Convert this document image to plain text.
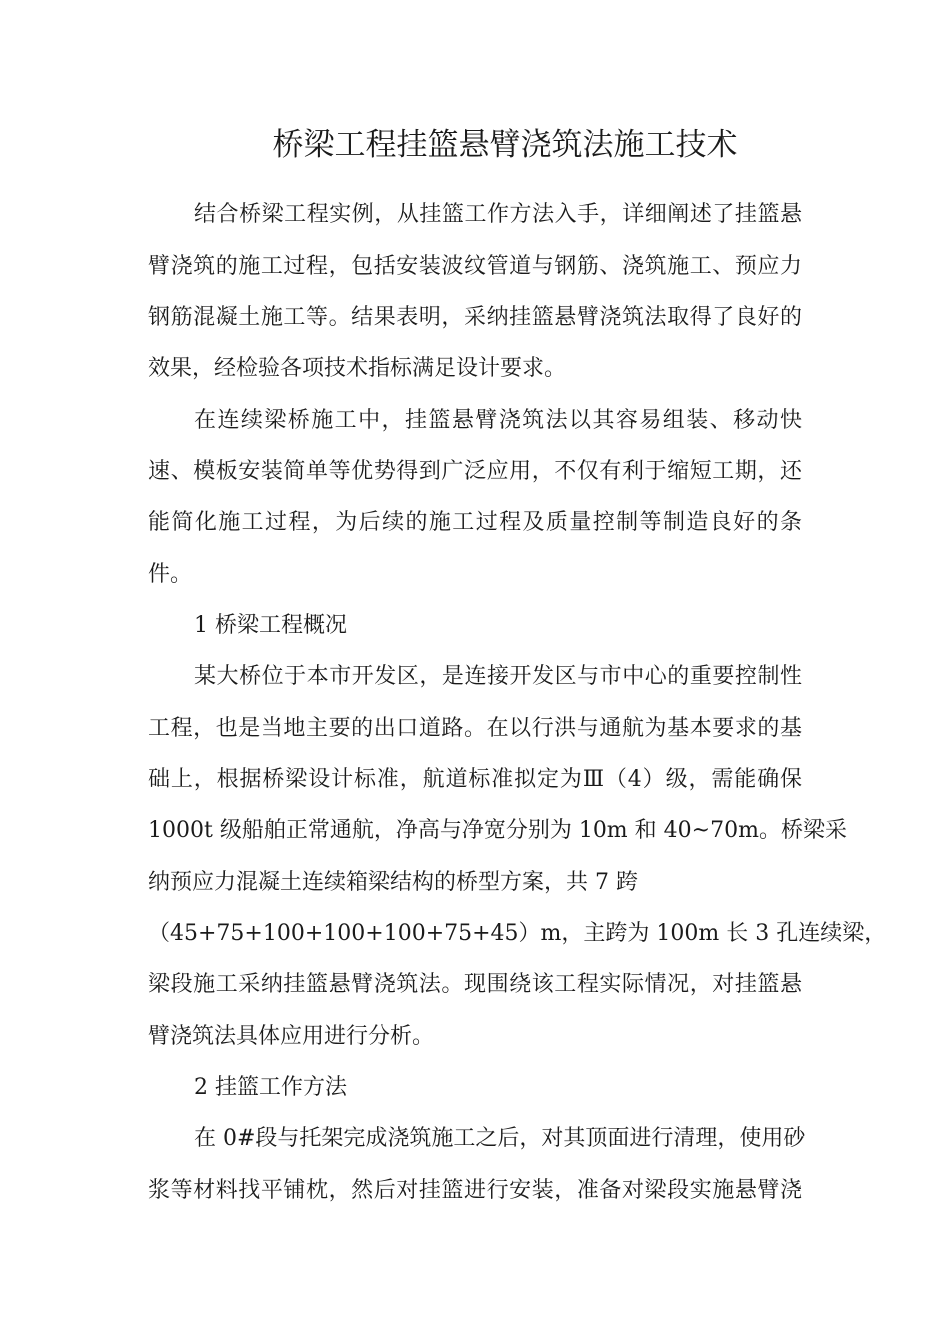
桥梁工程挂篮悬臂浇筑法施工技术
结合桥梁工程实例，从挂篮工作方法入手，详细阐述了挂篮悬
臂浇筑的施工过程，包括安装波纹管道与钢筋、浇筑施工、预应力
钢筋混凝土施工等。结果表明，采纳挂篮悬臂浇筑法取得了良好的
效果，经检验各项技术指标满足设计要求。
在连续梁桥施工中，挂篮悬臂浇筑法以其容易组装、移动快
速、模板安装简单等优势得到广泛应用，不仅有利于缩短工期，还
能简化施工过程，为后续的施工过程及质量控制等制造良好的条
件。
1 桥梁工程概况
某大桥位于本市开发区，是连接开发区与市中心的重要控制性
工程，也是当地主要的出口道路。在以行洪与通航为基本要求的基
础上，根据桥梁设计标准，航道标准拟定为Ⅲ（4）级，需能确保
1000t 级船舶正常通航，净高与净宽分别为 10m 和 40~70m。桥梁采
纳预应力混凝土连续箱梁结构的桥型方案，共 7 跨
（45+75+100+100+100+75+45）m，主跨为 100m 长 3 孔连续梁，
梁段施工采纳挂篮悬臂浇筑法。现围绕该工程实际情况，对挂篮悬
臂浇筑法具体应用进行分析。
2 挂篮工作方法
在 0#段与托架完成浇筑施工之后，对其顶面进行清理，使用砂
浆等材料找平铺枕，然后对挂篮进行安装，准备对梁段实施悬臂浇
